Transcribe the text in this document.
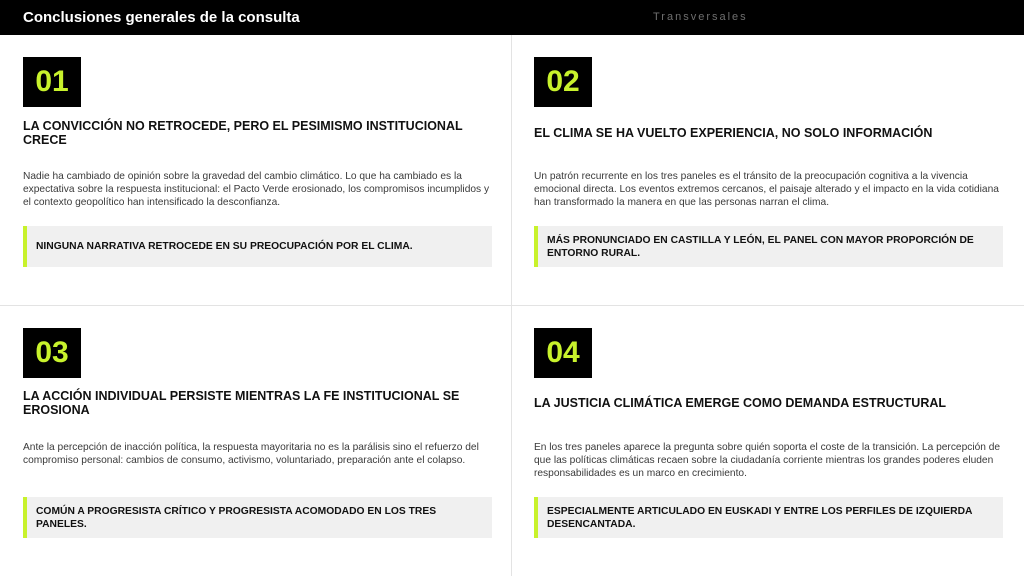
Conclusiones generales de la consulta	Transversales
01
LA CONVICCIÓN NO RETROCEDE, PERO EL PESIMISMO INSTITUCIONAL CRECE
Nadie ha cambiado de opinión sobre la gravedad del cambio climático. Lo que ha cambiado es la expectativa sobre la respuesta institucional: el Pacto Verde erosionado, los compromisos incumplidos y el contexto geopolítico han intensificado la desconfianza.
NINGUNA NARRATIVA RETROCEDE EN SU PREOCUPACIÓN POR EL CLIMA.
02
EL CLIMA SE HA VUELTO EXPERIENCIA, NO SOLO INFORMACIÓN
Un patrón recurrente en los tres paneles es el tránsito de la preocupación cognitiva a la vivencia emocional directa. Los eventos extremos cercanos, el paisaje alterado y el impacto en la vida cotidiana han transformado la manera en que las personas narran el clima.
MÁS PRONUNCIADO EN CASTILLA Y LEÓN, EL PANEL CON MAYOR PROPORCIÓN DE ENTORNO RURAL.
03
LA ACCIÓN INDIVIDUAL PERSISTE MIENTRAS LA FE INSTITUCIONAL SE EROSIONA
Ante la percepción de inacción política, la respuesta mayoritaria no es la parálisis sino el refuerzo del compromiso personal: cambios de consumo, activismo, voluntariado, preparación ante el colapso.
COMÚN A PROGRESISTA CRÍTICO Y PROGRESISTA ACOMODADO EN LOS TRES PANELES.
04
LA JUSTICIA CLIMÁTICA EMERGE COMO DEMANDA ESTRUCTURAL
En los tres paneles aparece la pregunta sobre quién soporta el coste de la transición. La percepción de que las políticas climáticas recaen sobre la ciudadanía corriente mientras los grandes poderes eluden responsabilidades es un marco en crecimiento.
ESPECIALMENTE ARTICULADO EN EUSKADI Y ENTRE LOS PERFILES DE IZQUIERDA DESENCANTADA.
